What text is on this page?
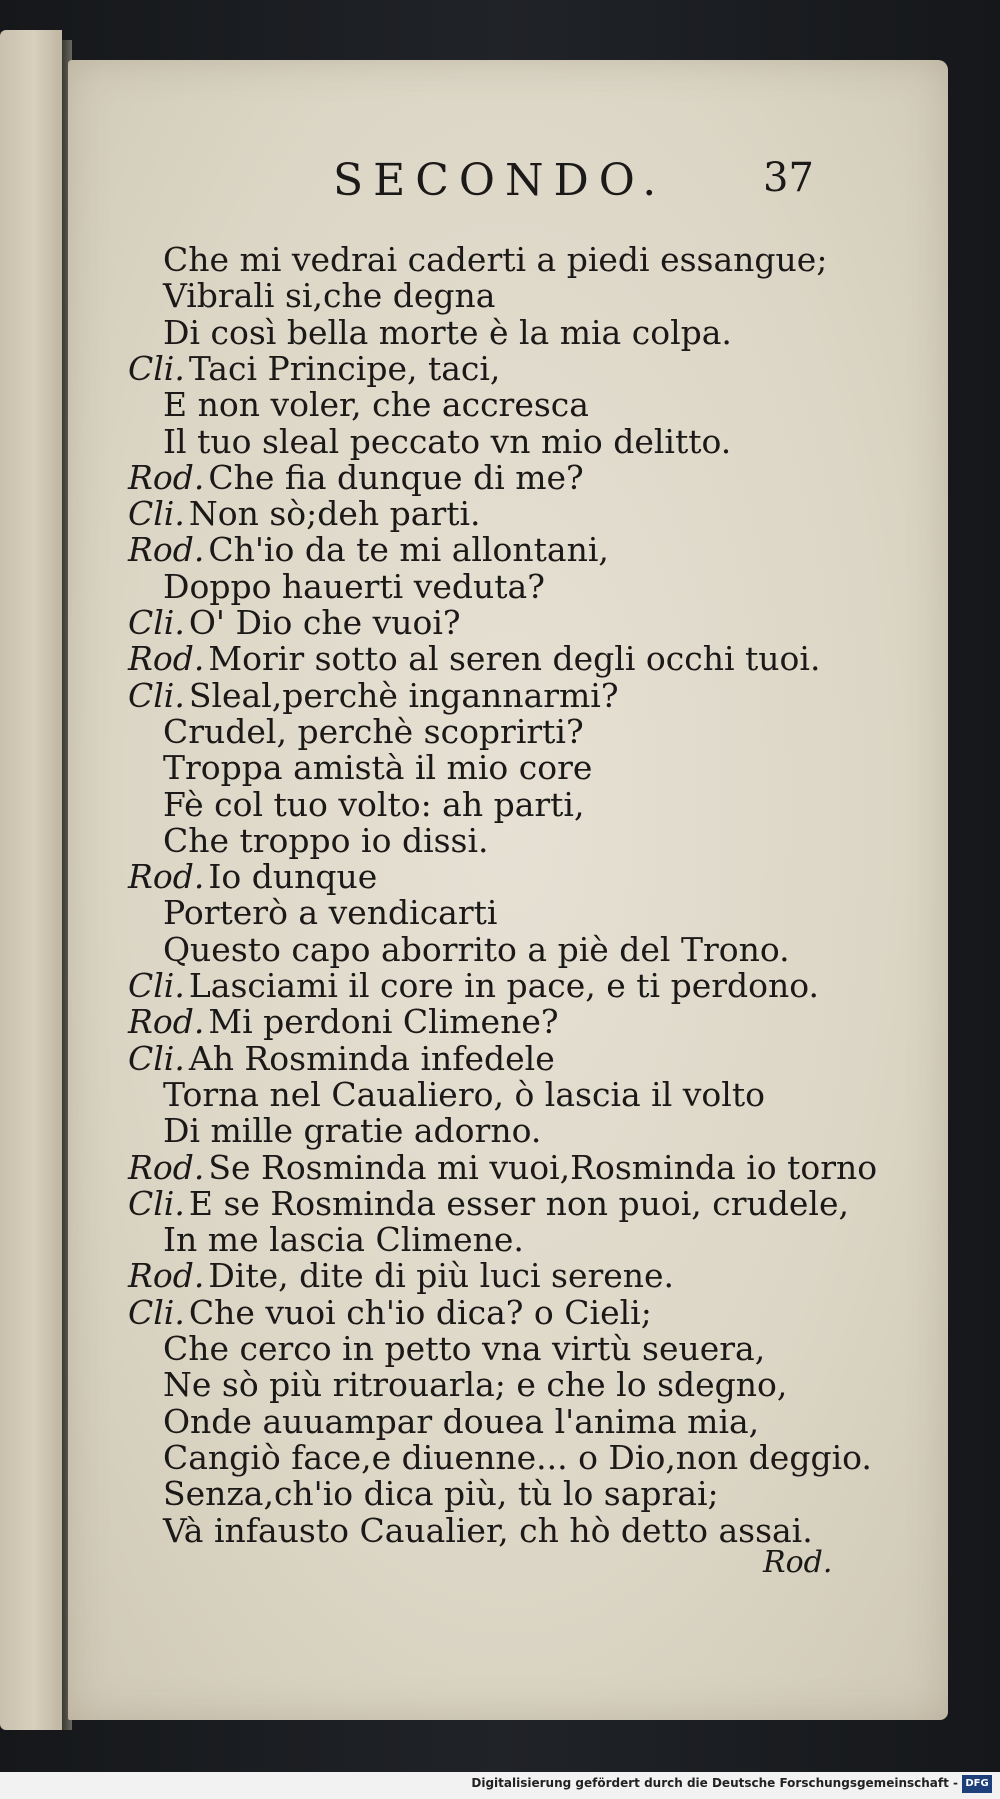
SECONDO. 37
Che mi vedrai caderti a piedi essangue;
Vibrali si,che degna
Di così bella morte è la mia colpa.
Cli. Taci Principe, taci,
E non voler, che accresca
Il tuo sleal peccato vn mio delitto.
Rod. Che fia dunque di me?
Cli. Non sò;deh parti.
Rod. Ch'io da te mi allontani,
Doppo hauerti veduta?
Cli. O' Dio che vuoi?
Rod. Morir sotto al seren degli occhi tuoi.
Cli. Sleal,perchè ingannarmi?
Crudel, perchè scoprirti?
Troppa amistà il mio core
Fè col tuo volto: ah parti,
Che troppo io dissi.
Rod. Io dunque
Porterò a vendicarti
Questo capo aborrito a piè del Trono.
Cli. Lasciami il core in pace, e ti perdono.
Rod. Mi perdoni Climene?
Cli. Ah Rosminda infedele
Torna nel Caualiero, ò lascia il volto
Di mille gratie adorno.
Rod. Se Rosminda mi vuoi,Rosminda io torno
Cli. E se Rosminda esser non puoi, crudele,
In me lascia Climene.
Rod. Dite, dite di più luci serene.
Cli. Che vuoi ch'io dica? o Cieli;
Che cerco in petto vna virtù seuera,
Ne sò più ritrouarla; e che lo sdegno,
Onde auuampar douea l'anima mia,
Cangiò face,e diuenne... o Dio,non deggio.
Senza,ch'io dica più, tù lo saprai;
Và infausto Caualier, ch hò detto assai.
Rod.
Digitalisierung gefördert durch die Deutsche Forschungsgemeinschaft - DFG
